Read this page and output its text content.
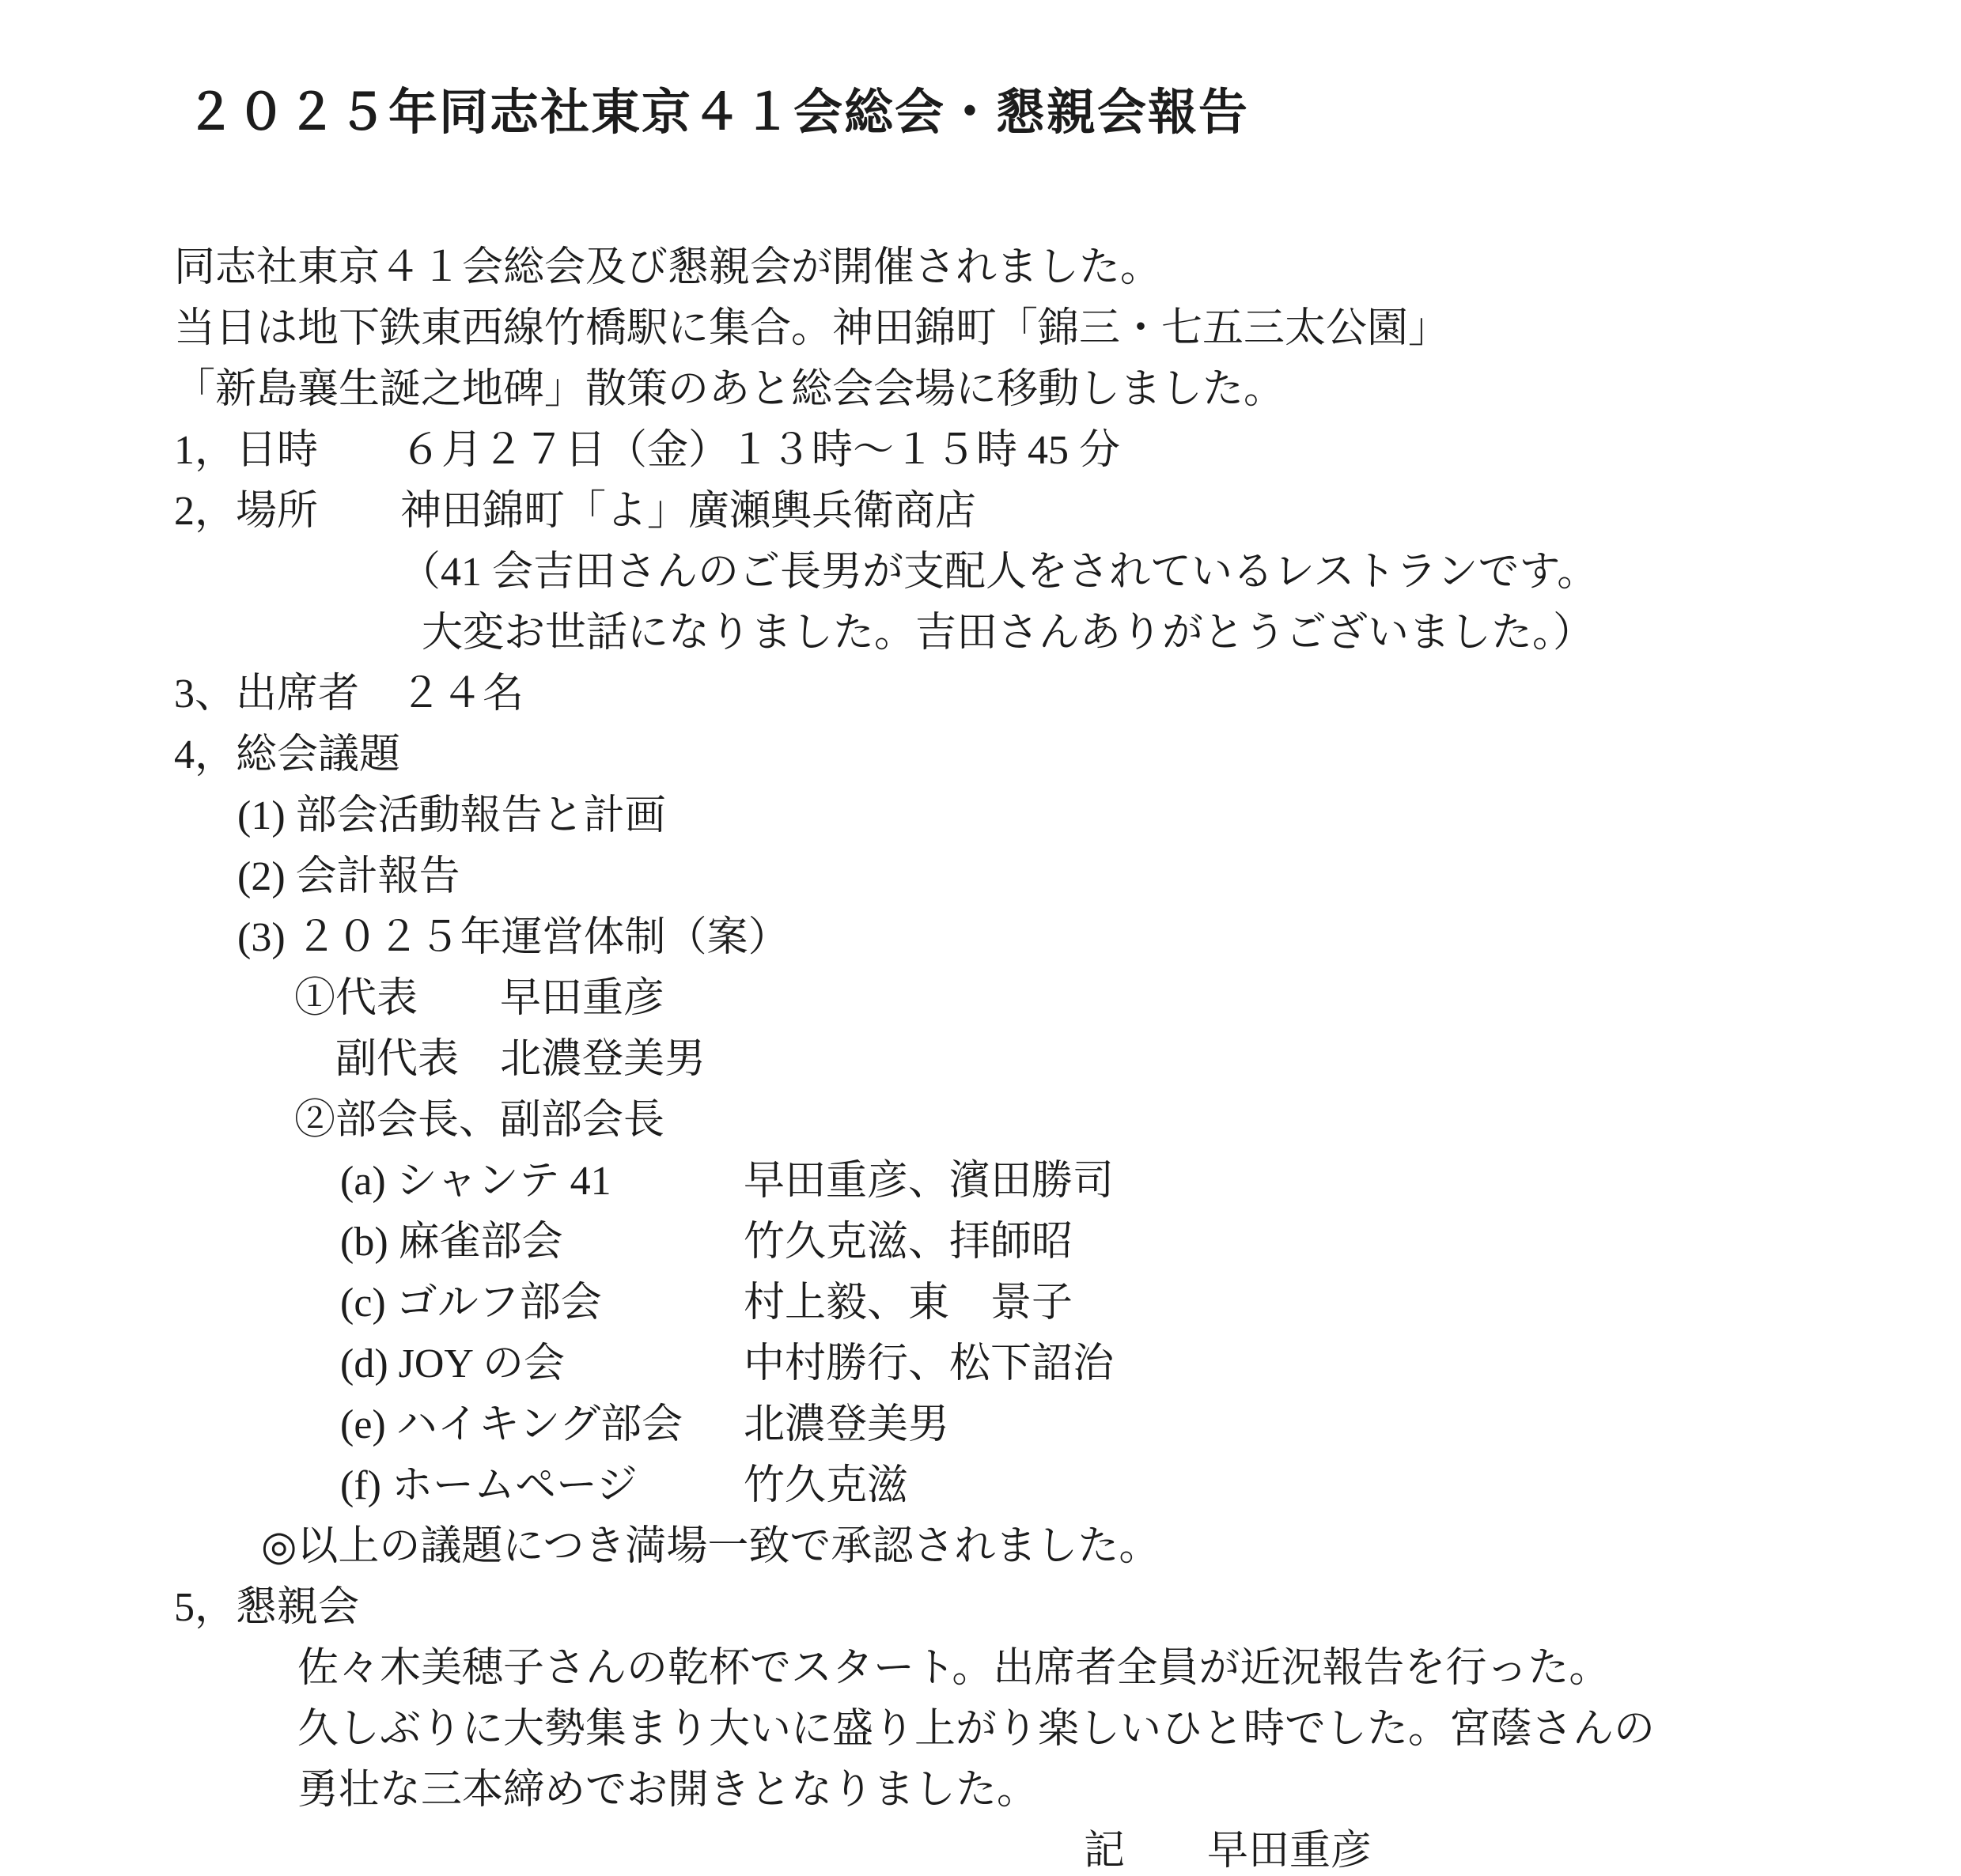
２０２５年同志社東京４１会総会・懇親会報告
同志社東京４１会総会及び懇親会が開催されました。
当日は地下鉄東西線竹橋駅に集合。神田錦町「錦三・七五三太公園」
「新島襄生誕之地碑」散策のあと総会会場に移動しました。
1，日時　　６月２７日（金）１３時～１５時 45 分
2，場所　　神田錦町「よ」廣瀬輿兵衛商店
（41 会吉田さんのご長男が支配人をされているレストランです。
大変お世話になりました。吉田さんありがとうございました。）
3、出席者　２４名
4，総会議題
(1) 部会活動報告と計画
(2) 会計報告
(3) ２０２５年運営体制（案）
①代表　　早田重彦
副代表　北濃登美男
②部会長、副部会長
(a) シャンテ 41	早田重彦、濱田勝司
(b) 麻雀部会	竹久克滋、拝師昭
(c) ゴルフ部会	村上毅、東　景子
(d) JOY の会	中村勝行、松下詔治
(e) ハイキング部会	北濃登美男
(f) ホームページ	竹久克滋
◎以上の議題につき満場一致で承認されました。
5，懇親会
佐々木美穂子さんの乾杯でスタート。出席者全員が近況報告を行った。
久しぶりに大勢集まり大いに盛り上がり楽しいひと時でした。宮蔭さんの
勇壮な三本締めでお開きとなりました。
記　　早田重彦
